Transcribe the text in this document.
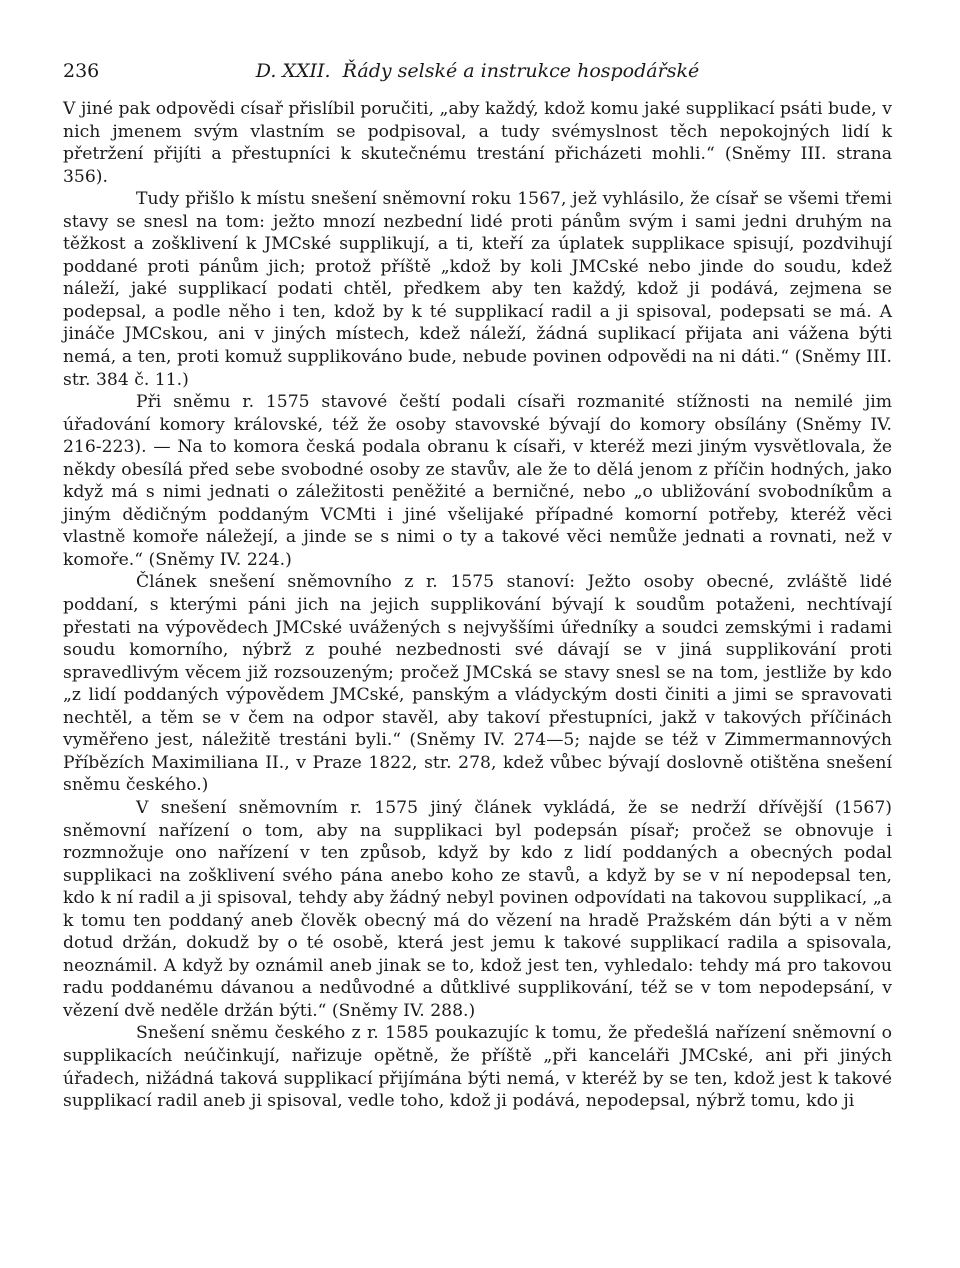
236	D. XXII. Řády selské a instrukce hospodářské

V jiné pak odpovědi císař přislíbil poručiti, „aby každý, kdož komu jaké supplikací psáti bude, v nich jmenem svým vlastním se podpisoval, a tudy svémyslnost těch nepokojných lidí k přetržení přijíti a přestupníci k skutečnému trestání přicházeti mohli.“ (Sněmy III. strana 356).

Tudy přišlo k místu snešení sněmovní roku 1567, jež vyhlásilo, že císař se všemi třemi stavy se snesl na tom: ježto mnozí nezbední lidé proti pánům svým i sami jedni druhým na těžkost a zošklivení k JMCské supplikují, a ti, kteří za úplatek supplikace spisují, pozdvihují poddané proti pánům jich; protož příště „kdož by koli JMCské nebo jinde do soudu, kdež náleží, jaké supplikací podati chtěl, předkem aby ten každý, kdož ji podává, zejmena se podepsal, a podle něho i ten, kdož by k té supplikací radil a ji spisoval, podepsati se má. A jináče JMCskou, ani v jiných místech, kdež náleží, žádná suplikací přijata ani vážena býti nemá, a ten, proti komuž supplikováno bude, nebude povinen odpovědi na ni dáti.“ (Sněmy III. str. 384 č. 11.)

Při sněmu r. 1575 stavové čeští podali císaři rozmanité stížnosti na nemilé jim úřadování komory královské, též že osoby stavovské bývají do komory obsílány (Sněmy IV. 216-223). — Na to komora česká podala obranu k císaři, v kteréž mezi jiným vysvětlovala, že někdy obesílá před sebe svobodné osoby ze stavův, ale že to dělá jenom z příčin hodných, jako když má s nimi jednati o záležitosti peněžité a berničné, nebo „o ubližování svobodníkům a jiným dědičným poddaným VCMti i jiné všelijaké případné komorní potřeby, kteréž věci vlastně komoře náležejí, a jinde se s nimi o ty a takové věci nemůže jednati a rovnati, než v komoře.“ (Sněmy IV. 224.)

Článek snešení sněmovního z r. 1575 stanoví: Ježto osoby obecné, zvláště lidé poddaní, s kterými páni jich na jejich supplikování bývají k soudům potaženi, nechtívají přestati na výpovědech JMCské uvážených s nejvyššími úředníky a soudci zemskými i radami soudu komorního, nýbrž z pouhé nezbednosti své dávají se v jiná supplikování proti spravedlivým věcem již rozsouzeným; pročež JMCská se stavy snesl se na tom, jestliže by kdo „z lidí poddaných výpovědem JMCské, panským a vládyckým dosti činiti a jimi se spravovati nechtěl, a těm se v čem na odpor stavěl, aby takoví přestupníci, jakž v takových příčinách vyměřeno jest, náležitě trestáni byli.“ (Sněmy IV. 274—5; najde se též v Zimmermannových Příbězích Maximiliana II., v Praze 1822, str. 278, kdež vůbec bývají doslovně otištěna snešení sněmu českého.)

V snešení sněmovním r. 1575 jiný článek vykládá, že se nedrží dřívější (1567) sněmovní nařízení o tom, aby na supplikaci byl podepsán písař; pročež se obnovuje i rozmnožuje ono nařízení v ten způsob, když by kdo z lidí poddaných a obecných podal supplikaci na zošklivení svého pána anebo koho ze stavů, a když by se v ní nepodepsal ten, kdo k ní radil a ji spisoval, tehdy aby žádný nebyl povinen odpovídati na takovou supplikací, „a k tomu ten poddaný aneb člověk obecný má do vězení na hradě Pražském dán býti a v něm dotud držán, dokudž by o té osobě, která jest jemu k takové supplikací radila a spisovala, neoznámil. A když by oznámil aneb jinak se to, kdož jest ten, vyhledalo: tehdy má pro takovou radu poddanému dávanou a nedůvodné a důtklivé supplikování, též se v tom nepodepsání, v vězení dvě neděle držán býti.“ (Sněmy IV. 288.)

Snešení sněmu českého z r. 1585 poukazujíc k tomu, že předešlá nařízení sněmovní o supplikacích neúčinkují, nařizuje opětně, že příště „při kanceláři JMCské, ani při jiných úřadech, nižádná taková supplikací přijímána býti nemá, v kteréž by se ten, kdož jest k takové supplikací radil aneb ji spisoval, vedle toho, kdož ji podává, nepodepsal, nýbrž tomu, kdo ji
